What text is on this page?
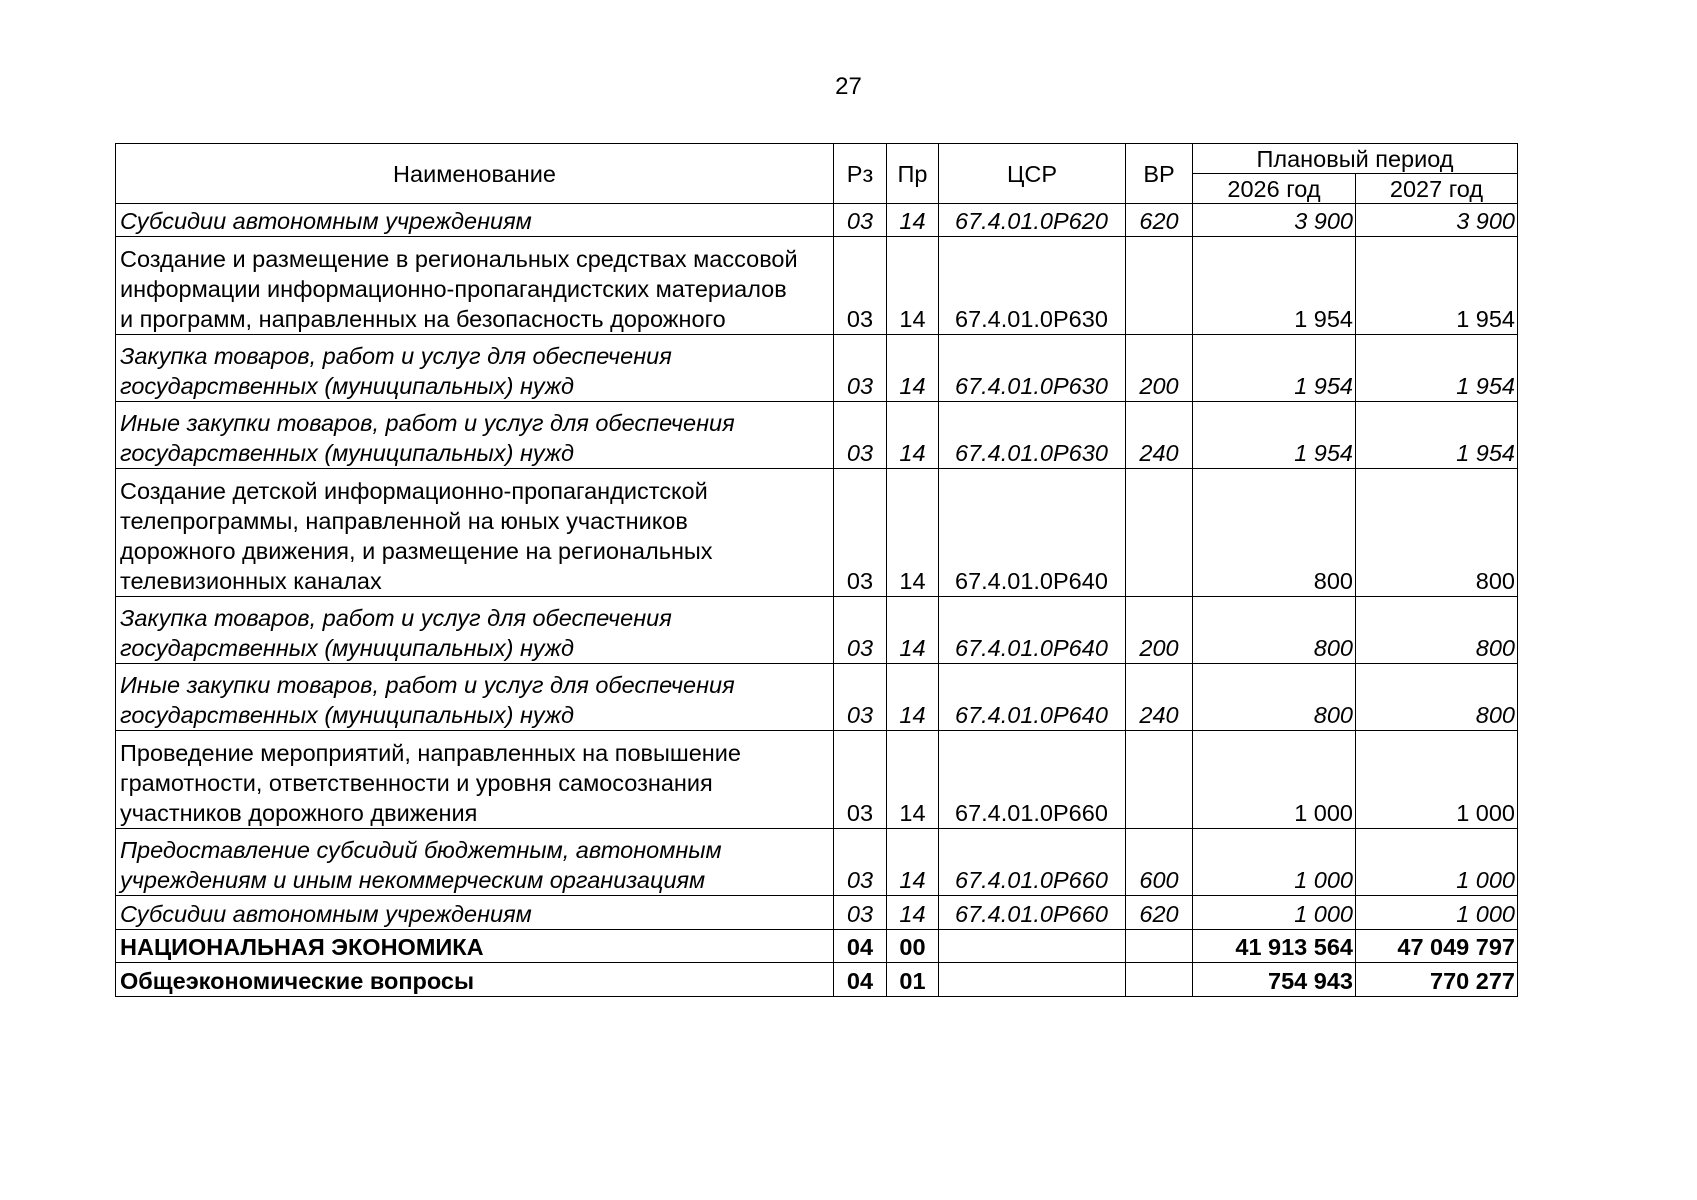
27
Наименование	Рз	Пр	ЦСР	ВР	Плановый период	
					2026 год	2027 год
Субсидии автономным учреждениям	03	14	67.4.01.0Р620	620	3 900	3 900
Создание и размещение в региональных средствах массовой
информации информационно-пропагандистских материалов
и программ, направленных на безопасность дорожного	03	14	67.4.01.0Р630		1 954	1 954
Закупка товаров, работ и услуг для обеспечения
государственных (муниципальных) нужд	03	14	67.4.01.0Р630	200	1 954	1 954
Иные закупки товаров, работ и услуг для обеспечения
государственных (муниципальных) нужд	03	14	67.4.01.0Р630	240	1 954	1 954
Создание детской информационно-пропагандистской
телепрограммы, направленной на юных участников
дорожного движения, и размещение на региональных
телевизионных каналах	03	14	67.4.01.0Р640		800	800
Закупка товаров, работ и услуг для обеспечения
государственных (муниципальных) нужд	03	14	67.4.01.0Р640	200	800	800
Иные закупки товаров, работ и услуг для обеспечения
государственных (муниципальных) нужд	03	14	67.4.01.0Р640	240	800	800
Проведение мероприятий, направленных на повышение
грамотности, ответственности и уровня самосознания
участников дорожного движения	03	14	67.4.01.0Р660		1 000	1 000
Предоставление субсидий бюджетным, автономным
учреждениям и иным некоммерческим организациям	03	14	67.4.01.0Р660	600	1 000	1 000
Субсидии автономным учреждениям	03	14	67.4.01.0Р660	620	1 000	1 000
НАЦИОНАЛЬНАЯ ЭКОНОМИКА	04	00			41 913 564	47 049 797
Общеэкономические вопросы	04	01			754 943	770 277
